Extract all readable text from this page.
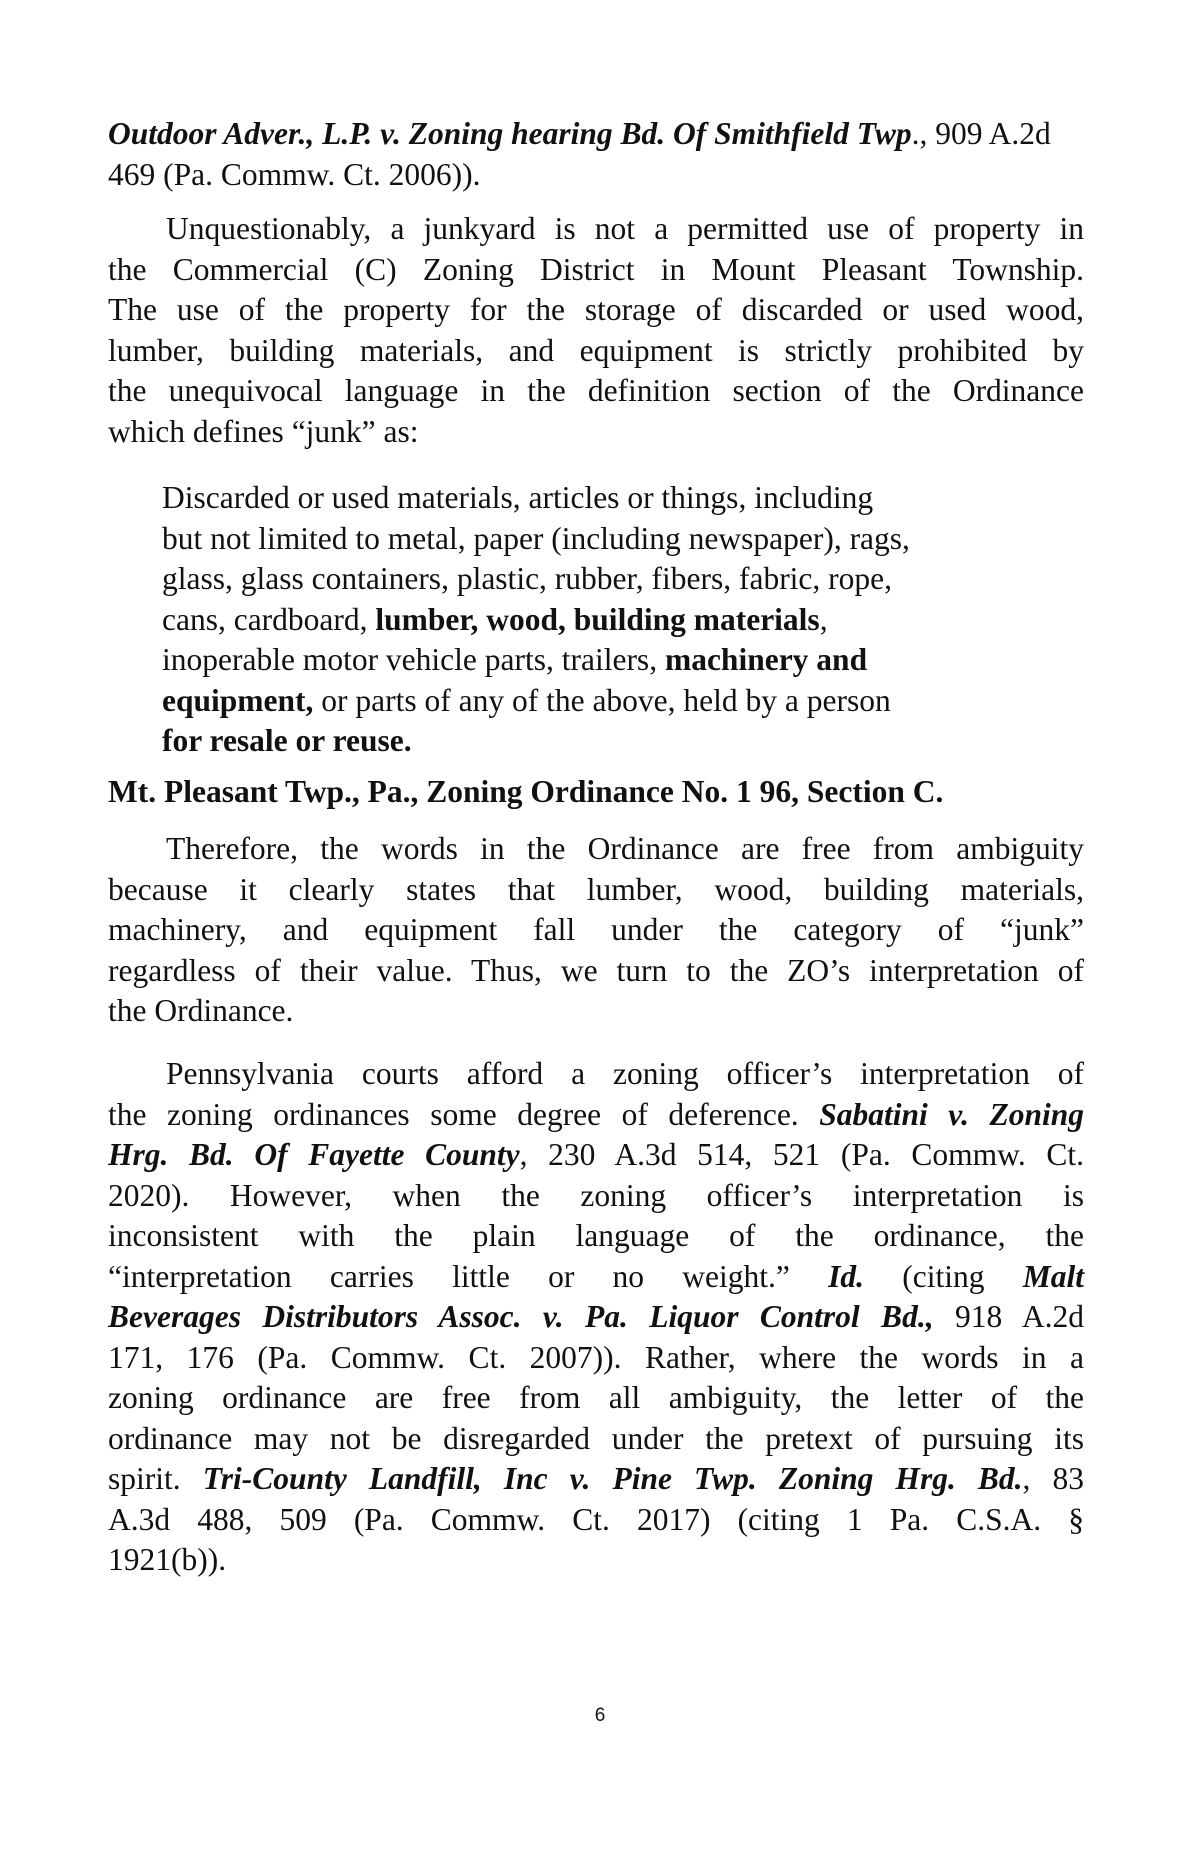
Outdoor Adver., L.P. v. Zoning hearing Bd. Of Smithfield Twp., 909 A.2d 469 (Pa. Commw. Ct. 2006)).

Unquestionably, a junkyard is not a permitted use of property in
the Commercial (C) Zoning District in Mount Pleasant Township.
The use of the property for the storage of discarded or used wood,
lumber, building materials, and equipment is strictly prohibited by
the unequivocal language in the definition section of the Ordinance
which defines “junk” as:

Discarded or used materials, articles or things, including
but not limited to metal, paper (including newspaper), rags,
glass, glass containers, plastic, rubber, fibers, fabric, rope,
cans, cardboard, lumber, wood, building materials,
inoperable motor vehicle parts, trailers, machinery and
equipment, or parts of any of the above, held by a person
for resale or reuse.

Mt. Pleasant Twp., Pa., Zoning Ordinance No. 1 96, Section C.

Therefore, the words in the Ordinance are free from ambiguity
because it clearly states that lumber, wood, building materials,
machinery, and equipment fall under the category of “junk”
regardless of their value. Thus, we turn to the ZO’s interpretation of
the Ordinance.

Pennsylvania courts afford a zoning officer’s interpretation of
the zoning ordinances some degree of deference. Sabatini v. Zoning
Hrg. Bd. Of Fayette County, 230 A.3d 514, 521 (Pa. Commw. Ct.
2020). However, when the zoning officer’s interpretation is
inconsistent with the plain language of the ordinance, the
“interpretation carries little or no weight.” Id. (citing Malt
Beverages Distributors Assoc. v. Pa. Liquor Control Bd., 918 A.2d
171, 176 (Pa. Commw. Ct. 2007)). Rather, where the words in a
zoning ordinance are free from all ambiguity, the letter of the
ordinance may not be disregarded under the pretext of pursuing its
spirit. Tri-County Landfill, Inc v. Pine Twp. Zoning Hrg. Bd., 83
A.3d 488, 509 (Pa. Commw. Ct. 2017) (citing 1 Pa. C.S.A. §
1921(b)).

6
